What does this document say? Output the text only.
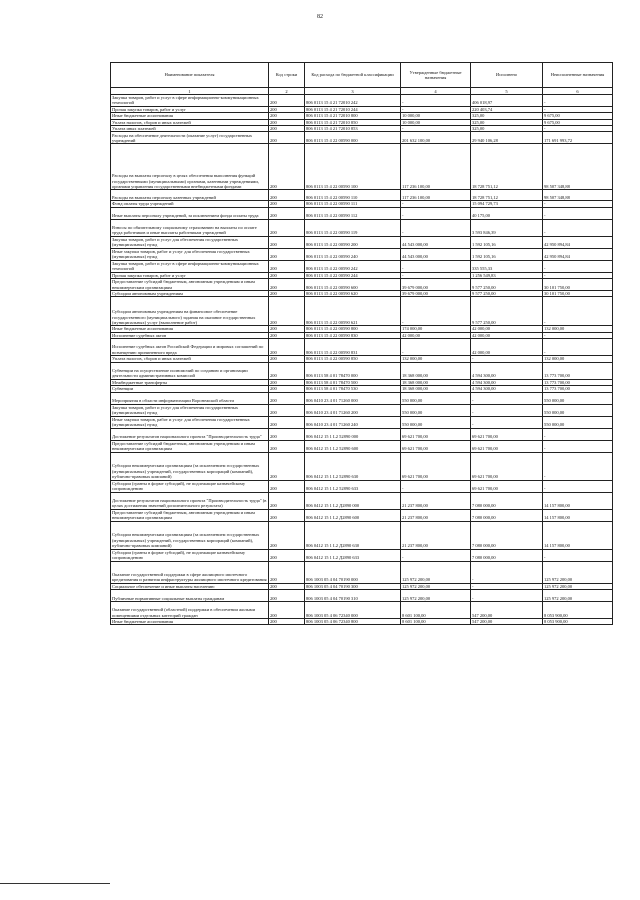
82
Наименование показателя	Код строки	Код расхода по бюджетной классификации	Утвержденные бюджетные назначения	Исполнено	Неисполненные назначения
1	2	3	4	5	6
Закупка товаров, работ и услуг в сфере информационно-коммуникационных технологий	200	806 0113 15 4 21 72010 242	-	406 018,97	-
Прочая закупка товаров, работ и услуг	200	806 0113 15 4 21 72010 244	-	220 403,74	-
Иные бюджетные ассигнования	200	806 0113 15 4 21 72010 800	10 000,00	325,00	9 675,00
Уплата налогов, сборов и иных платежей	200	806 0113 15 4 21 72010 850	10 000,00	325,00	9 675,00
Уплата иных платежей	200	806 0113 15 4 21 72010 853	-	325,00	-
Расходы на обеспечение деятельности (оказание услуг) государственных учреждений	200	806 0113 15 4 22 00590 000	201 632 100,00	29 940 106,28	171 691 993,72
Расходы на выплаты персоналу в целях обеспечения выполнения функций государственными (муниципальными) органами, казенными учреждениями, органами управления государственными внебюджетными фондами	200	806 0113 15 4 22 00590 100	117 236 100,00	18 728 751,12	98 507 348,88
Расходы на выплаты персоналу казенных учреждений	200	806 0113 15 4 22 00590 110	117 236 100,00	18 728 751,12	98 507 348,88
Фонд оплаты труда учреждений	200	806 0113 15 4 22 00590 111	-	15 094 729,73	-
Иные выплаты персоналу учреждений, за исключением фонда оплаты труда	200	806 0113 15 4 22 00590 112	-	40 175,00	-
Взносы по обязательному социальному страхованию на выплаты по оплате труда работников и иные выплаты работникам учреждений	200	806 0113 15 4 22 00590 119	-	3 593 846,39	-
Закупка товаров, работ и услуг для обеспечения государственных (муниципальных) нужд	200	806 0113 15 4 22 00590 200	44 543 000,00	1 592 105,16	42 950 894,84
Иные закупки товаров, работ и услуг для обеспечения государственных (муниципальных) нужд	200	806 0113 15 4 22 00590 240	44 543 000,00	1 592 105,16	42 950 894,84
Закупка товаров, работ и услуг в сфере информационно-коммуникационных технологий	200	806 0113 15 4 22 00590 242	-	335 555,33	-
Прочая закупка товаров, работ и услуг	200	806 0113 15 4 22 00590 244	-	1 256 549,83	-
Предоставление субсидий бюджетным, автономным учреждениям и иным некоммерческим организациям	200	806 0113 15 4 22 00590 600	39 679 000,00	9 577 250,00	30 101 750,00
Субсидии автономным учреждениям	200	806 0113 15 4 22 00590 620	39 679 000,00	9 577 250,00	30 101 750,00
Субсидии автономным учреждениям на финансовое обеспечение государственного (муниципального) задания на оказание государственных (муниципальных) услуг (выполнение работ)	200	806 0113 15 4 22 00590 621	-	9 577 250,00	-
Иные бюджетные ассигнования	200	806 0113 15 4 22 00590 800	174 000,00	42 000,00	132 000,00
Исполнение судебных актов	200	806 0113 15 4 22 00590 830	42 000,00	42 000,00	-
Исполнение судебных актов Российской Федерации и мировых соглашений по возмещению причиненного вреда	200	806 0113 15 4 22 00590 831	-	42 000,00	-
Уплата налогов, сборов и иных платежей	200	806 0113 15 4 22 00590 850	132 000,00	-	132 000,00
Субвенции на осуществление полномочий по созданию и организации деятельности административных комиссий	200	806 0113 58 4 01 78470 000	18 368 000,00	4 594 300,00	13 773 700,00
Межбюджетные трансферты	200	806 0113 58 4 01 78470 500	18 368 000,00	4 594 300,00	13 773 700,00
Субвенции	200	806 0113 58 4 01 78470 530	18 368 000,00	4 594 300,00	13 773 700,00
Мероприятия в области информатизации Воронежской области	200	806 0410 23 4 01 71260 000	550 000,00	-	550 000,00
Закупка товаров, работ и услуг для обеспечения государственных (муниципальных) нужд	200	806 0410 23 4 01 71260 200	550 000,00	-	550 000,00
Иные закупки товаров, работ и услуг для обеспечения государственных (муниципальных) нужд	200	806 0410 23 4 01 71260 240	550 000,00	-	550 000,00
Достижение результатов национального проекта "Производительность труда"	200	806 0412 15 1 L2 52890 000	69 621 700,00	69 621 700,00	-
Предоставление субсидий бюджетным, автономным учреждениям и иным некоммерческим организациям	200	806 0412 15 1 L2 52890 600	69 621 700,00	69 621 700,00	-
Субсидии некоммерческим организациям (за исключением государственных (муниципальных) учреждений, государственных корпораций (компаний), публично-правовых компаний)	200	806 0412 15 1 L2 52890 630	69 621 700,00	69 621 700,00	-
Субсидии (гранты в форме субсидий), не подлежащие казначейскому сопровождению	200	806 0412 15 1 L2 52890 633	-	69 621 700,00	-
Достижение результатов национального проекта "Производительность труда" (в целях достижения значений дополнительного результата)	200	806 0412 15 1 L2 Д2890 000	21 237 800,00	7 080 000,00	14 157 800,00
Предоставление субсидий бюджетным, автономным учреждениям и иным некоммерческим организациям	200	806 0412 15 1 L2 Д2890 600	21 237 800,00	7 080 000,00	14 157 800,00
Субсидии некоммерческим организациям (за исключением государственных (муниципальных) учреждений, государственных корпораций (компаний), публично-правовых компаний)	200	806 0412 15 1 L2 Д2890 630	21 237 800,00	7 080 000,00	14 157 800,00
Субсидии (гранты в форме субсидий), не подлежащие казначейскому сопровождению	200	806 0412 15 1 L2 Д2890 633	-	7 080 000,00	-
Оказание государственной поддержки в сфере жилищного ипотечного кредитования и развития инфраструктуры жилищного ипотечного кредитования	200	806 1003 05 4 04 70190 000	125 972 200,00	-	125 972 200,00
Социальное обеспечение и иные выплаты населению	200	806 1003 05 4 04 70190 300	125 972 200,00	-	125 972 200,00
Публичные нормативные социальные выплаты гражданам	200	806 1003 05 4 04 70190 310	125 972 200,00	-	125 972 200,00
Оказание государственной (областной) поддержки в обеспечении жилыми помещениями отдельных категорий граждан	200	806 1003 05 4 06 72340 000	8 601 100,00	547 200,00	8 053 900,00
Иные бюджетные ассигнования	200	806 1003 05 4 06 72340 800	8 601 100,00	547 200,00	8 053 900,00
